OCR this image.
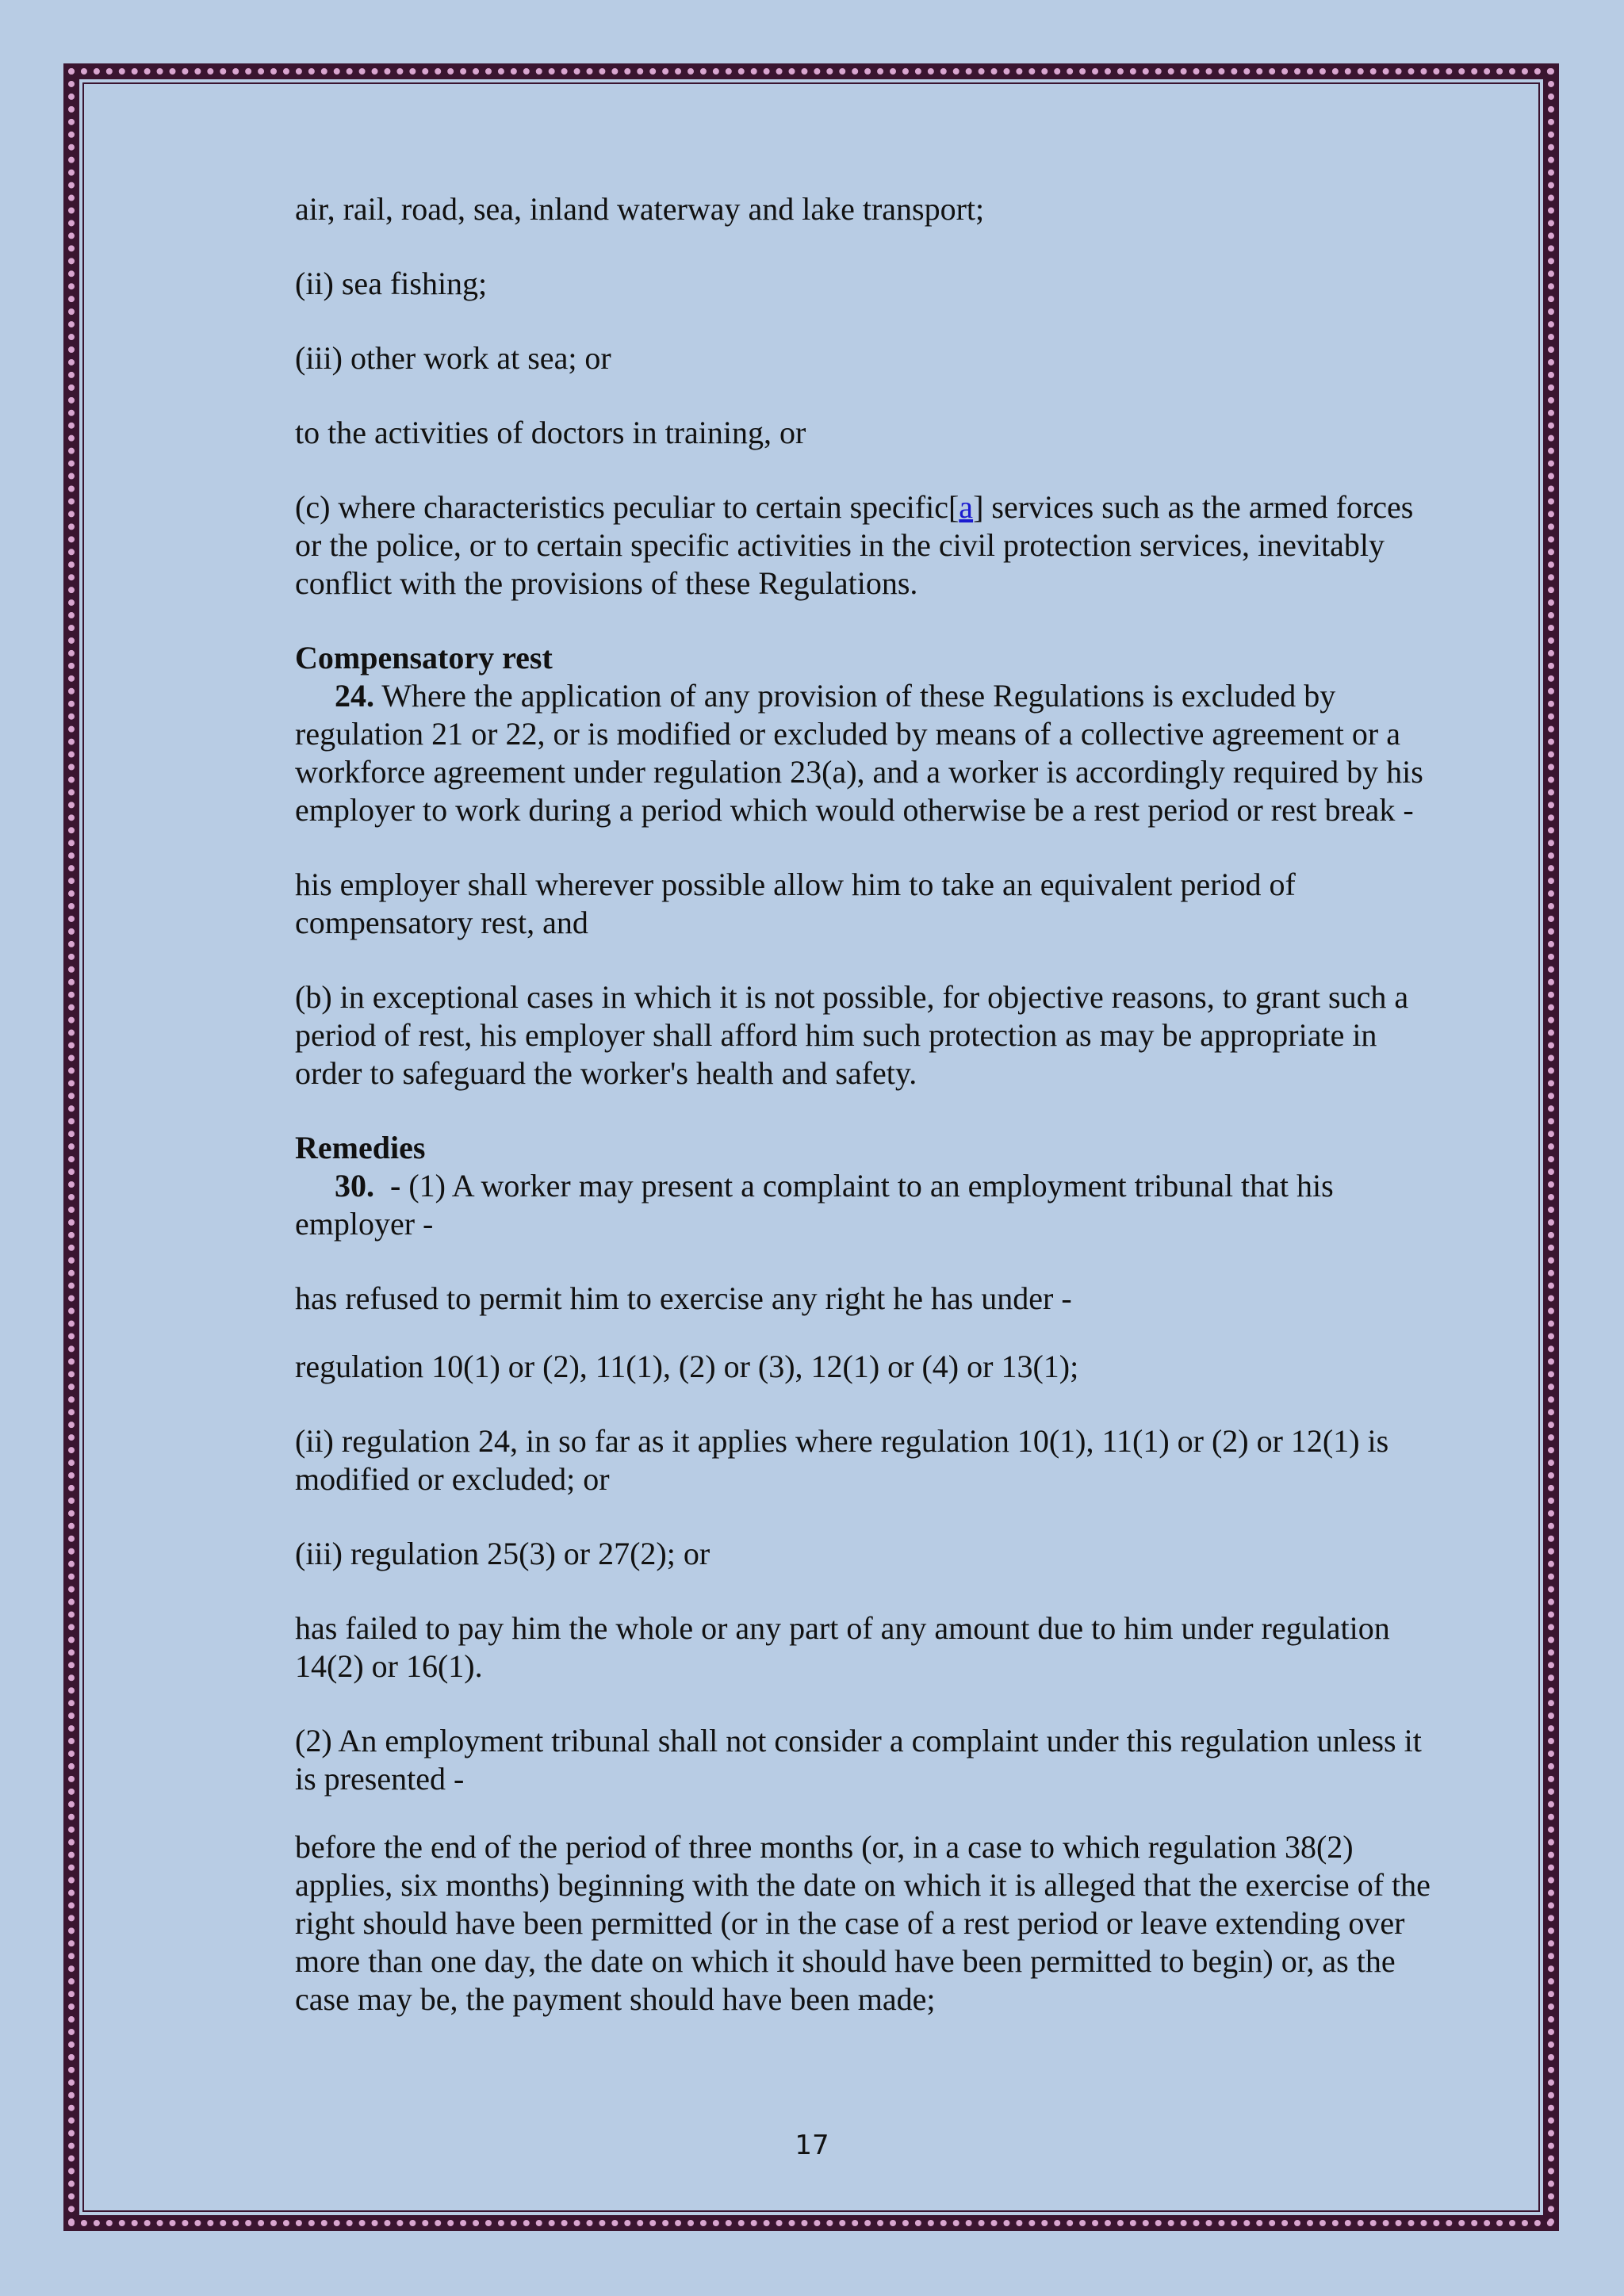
air, rail, road, sea, inland waterway and lake transport;

(ii) sea fishing;

(iii) other work at sea; or

to the activities of doctors in training, or

(c) where characteristics peculiar to certain specific[a] services such as the armed forces or the police, or to certain specific activities in the civil protection services, inevitably conflict with the provisions of these Regulations.

Compensatory rest

24. Where the application of any provision of these Regulations is excluded by regulation 21 or 22, or is modified or excluded by means of a collective agreement or a workforce agreement under regulation 23(a), and a worker is accordingly required by his employer to work during a period which would otherwise be a rest period or rest break -

his employer shall wherever possible allow him to take an equivalent period of compensatory rest, and

(b) in exceptional cases in which it is not possible, for objective reasons, to grant such a period of rest, his employer shall afford him such protection as may be appropriate in order to safeguard the worker's health and safety.

Remedies

30. - (1) A worker may present a complaint to an employment tribunal that his employer -

has refused to permit him to exercise any right he has under -

regulation 10(1) or (2), 11(1), (2) or (3), 12(1) or (4) or 13(1);

(ii) regulation 24, in so far as it applies where regulation 10(1), 11(1) or (2) or 12(1) is modified or excluded; or

(iii) regulation 25(3) or 27(2); or

has failed to pay him the whole or any part of any amount due to him under regulation 14(2) or 16(1).

(2) An employment tribunal shall not consider a complaint under this regulation unless it is presented -

before the end of the period of three months (or, in a case to which regulation 38(2) applies, six months) beginning with the date on which it is alleged that the exercise of the right should have been permitted (or in the case of a rest period or leave extending over more than one day, the date on which it should have been permitted to begin) or, as the case may be, the payment should have been made;

17
